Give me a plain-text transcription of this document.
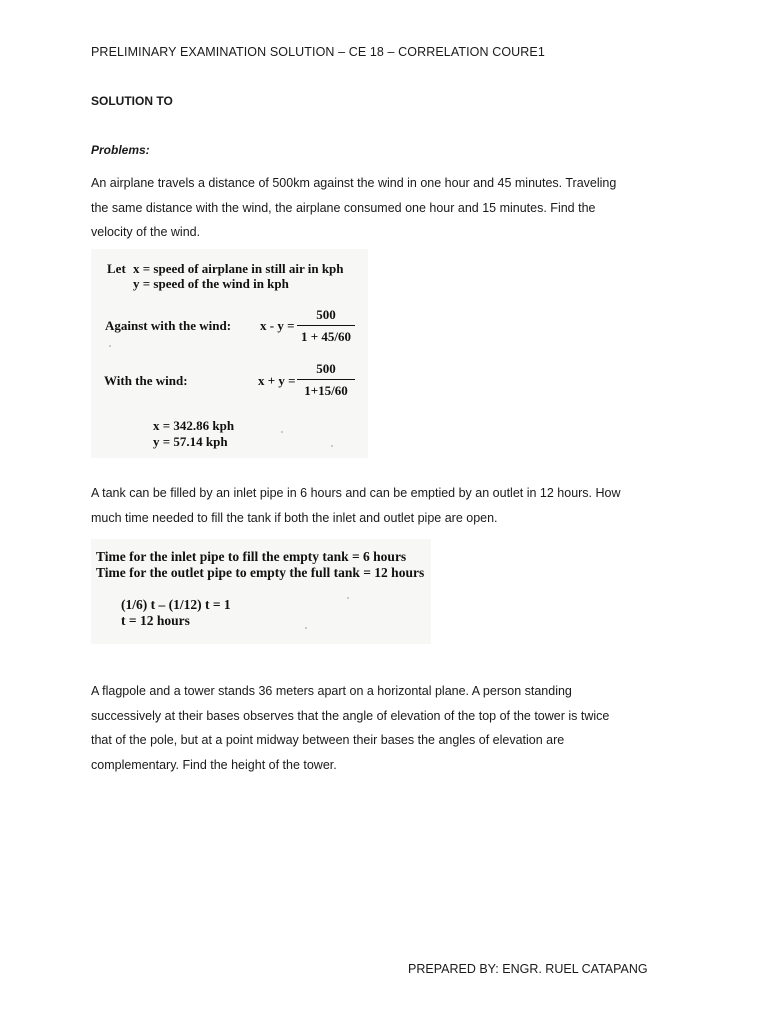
PRELIMINARY EXAMINATION SOLUTION – CE 18 – CORRELATION COURE1
SOLUTION TO
Problems:
An airplane travels a distance of 500km against the wind in one hour and 45 minutes. Traveling
the same distance with the wind, the airplane consumed one hour and 15 minutes. Find the
velocity of the wind.
Let x = speed of airplane in still air in kph
y = speed of the wind in kph
Against with the wind: x - y =
500
1 + 45/60
With the wind:	x + y =
500
1+15/60
x = 342.86 kph
y = 57.14 kph
A tank can be filled by an inlet pipe in 6 hours and can be emptied by an outlet in 12 hours. How
much time needed to fill the tank if both the inlet and outlet pipe are open.
Time for the inlet pipe to fill the empty tank = 6 hours
Time for the outlet pipe to empty the full tank = 12 hours
(1/6) t – (1/12) t = 1
t = 12 hours
A flagpole and a tower stands 36 meters apart on a horizontal plane. A person standing
successively at their bases observes that the angle of elevation of the top of the tower is twice
that of the pole, but at a point midway between their bases the angles of elevation are
complementary. Find the height of the tower.
PREPARED BY: ENGR. RUEL CATAPANG
